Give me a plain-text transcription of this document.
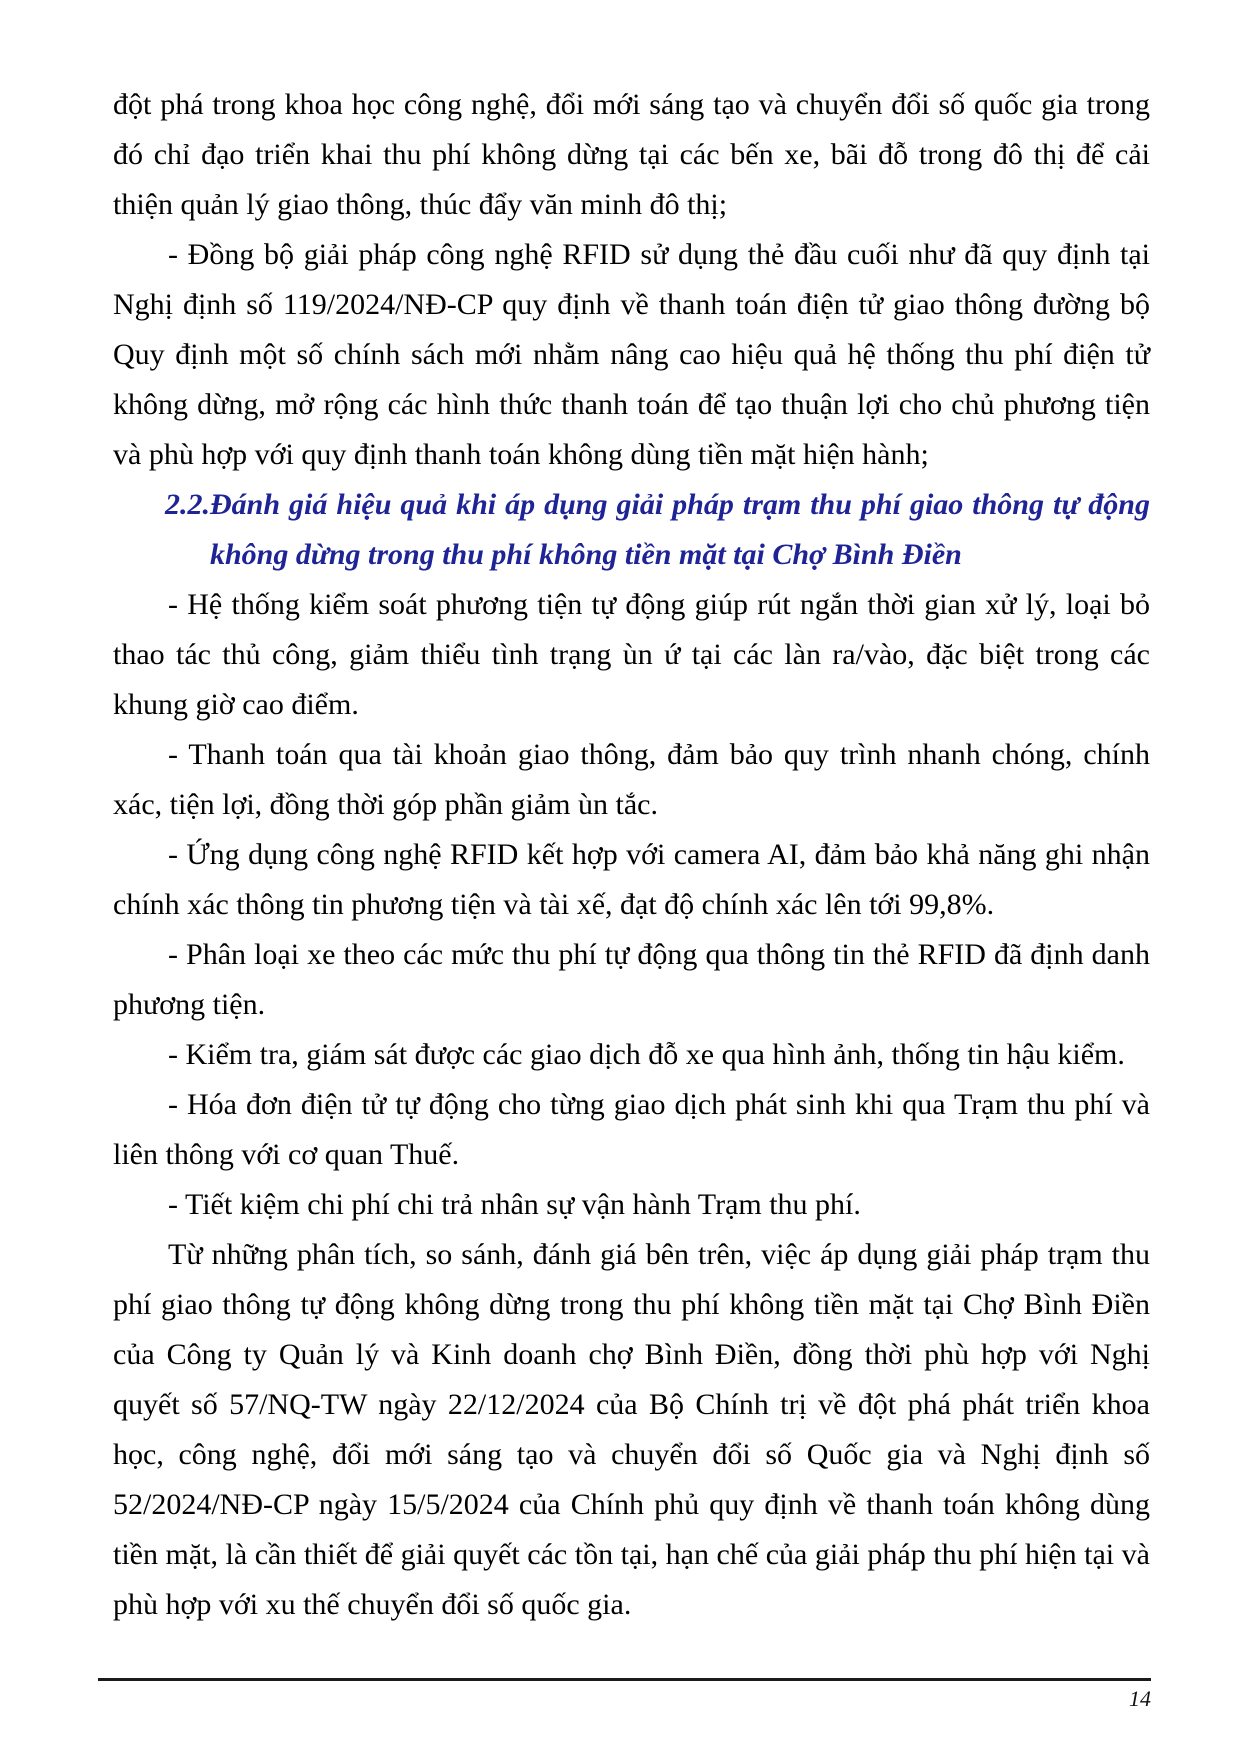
đột phá trong khoa học công nghệ, đổi mới sáng tạo và chuyển đổi số quốc gia trong đó chỉ đạo triển khai thu phí không dừng tại các bến xe, bãi đỗ trong đô thị để cải thiện quản lý giao thông, thúc đẩy văn minh đô thị;

- Đồng bộ giải pháp công nghệ RFID sử dụng thẻ đầu cuối như đã quy định tại Nghị định số 119/2024/NĐ-CP quy định về thanh toán điện tử giao thông đường bộ Quy định một số chính sách mới nhằm nâng cao hiệu quả hệ thống thu phí điện tử không dừng, mở rộng các hình thức thanh toán để tạo thuận lợi cho chủ phương tiện và phù hợp với quy định thanh toán không dùng tiền mặt hiện hành;

2.2.Đánh giá hiệu quả khi áp dụng giải pháp trạm thu phí giao thông tự động
không dừng trong thu phí không tiền mặt tại Chợ Bình Điền

- Hệ thống kiểm soát phương tiện tự động giúp rút ngắn thời gian xử lý, loại bỏ thao tác thủ công, giảm thiểu tình trạng ùn ứ tại các làn ra/vào, đặc biệt trong các khung giờ cao điểm.

- Thanh toán qua tài khoản giao thông, đảm bảo quy trình nhanh chóng, chính xác, tiện lợi, đồng thời góp phần giảm ùn tắc.

- Ứng dụng công nghệ RFID kết hợp với camera AI, đảm bảo khả năng ghi nhận chính xác thông tin phương tiện và tài xế, đạt độ chính xác lên tới 99,8%.

- Phân loại xe theo các mức thu phí tự động qua thông tin thẻ RFID đã định danh phương tiện.

- Kiểm tra, giám sát được các giao dịch đỗ xe qua hình ảnh, thống tin hậu kiểm.

- Hóa đơn điện tử tự động cho từng giao dịch phát sinh khi qua Trạm thu phí và liên thông với cơ quan Thuế.

- Tiết kiệm chi phí chi trả nhân sự vận hành Trạm thu phí.

Từ những phân tích, so sánh, đánh giá bên trên, việc áp dụng giải pháp trạm thu phí giao thông tự động không dừng trong thu phí không tiền mặt tại Chợ Bình Điền của Công ty Quản lý và Kinh doanh chợ Bình Điền, đồng thời phù hợp với Nghị quyết số 57/NQ-TW ngày 22/12/2024 của Bộ Chính trị về đột phá phát triển khoa học, công nghệ, đổi mới sáng tạo và chuyển đổi số Quốc gia và Nghị định số 52/2024/NĐ-CP ngày 15/5/2024 của Chính phủ quy định về thanh toán không dùng tiền mặt, là cần thiết để giải quyết các tồn tại, hạn chế của giải pháp thu phí hiện tại và phù hợp với xu thế chuyển đổi số quốc gia.

14
